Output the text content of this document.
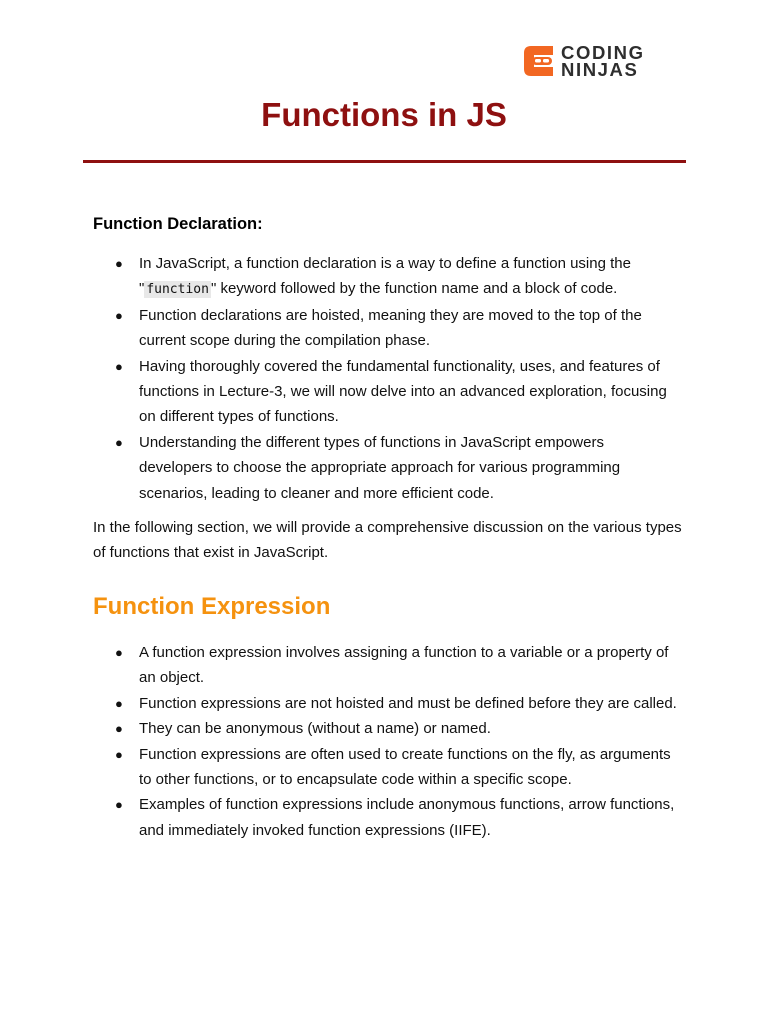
CODING
NINJAS
Functions in JS
Function Declaration:
● In JavaScript, a function declaration is a way to define a function using the " function " keyword followed by the function name and a block of code.
● Function declarations are hoisted, meaning they are moved to the top of the current scope during the compilation phase.
● Having thoroughly covered the fundamental functionality, uses, and features of functions in Lecture-3, we will now delve into an advanced exploration, focusing on different types of functions.
● Understanding the different types of functions in JavaScript empowers developers to choose the appropriate approach for various programming scenarios, leading to cleaner and more efficient code.

In the following section, we will provide a comprehensive discussion on the various types of functions that exist in JavaScript.

Function Expression
● A function expression involves assigning a function to a variable or a property of an object.
● Function expressions are not hoisted and must be defined before they are called.
● They can be anonymous (without a name) or named.
● Function expressions are often used to create functions on the fly, as arguments to other functions, or to encapsulate code within a specific scope.
● Examples of function expressions include anonymous functions, arrow functions, and immediately invoked function expressions (IIFE).
